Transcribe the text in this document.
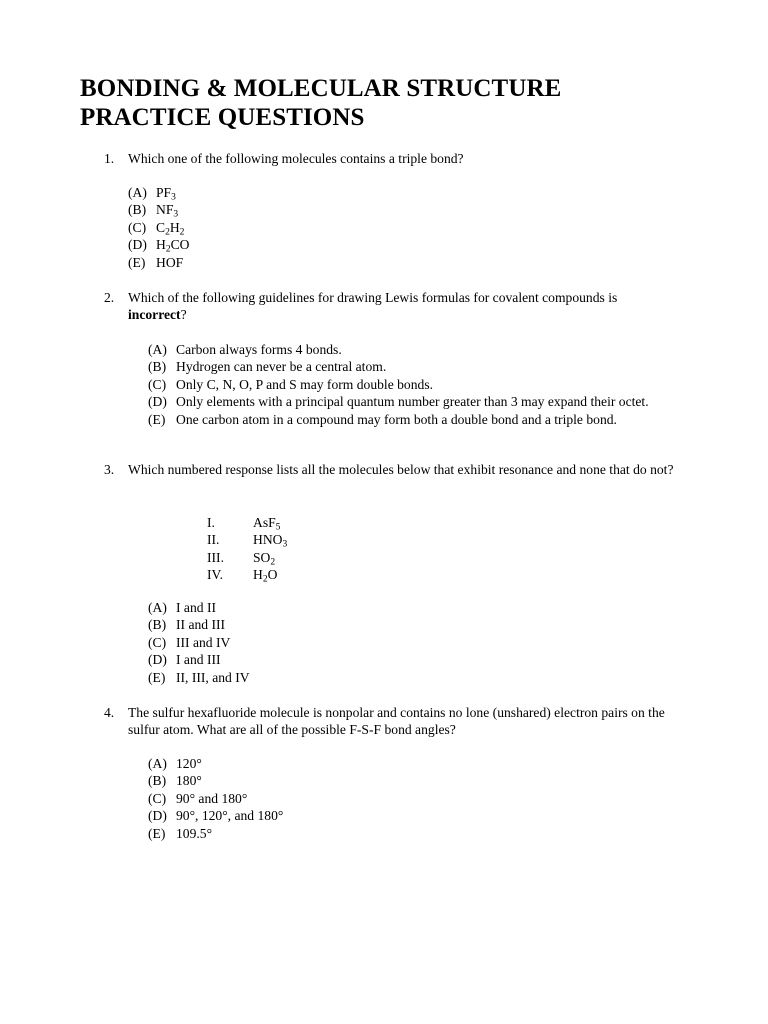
BONDING & MOLECULAR STRUCTURE
PRACTICE QUESTIONS
1.	Which one of the following molecules contains a triple bond?
(A) $PF_3$
(B) $NF_3$
(C) $C_2H_2$
(D) $H_2CO$
(E) HOF
2.	Which of the following guidelines for drawing Lewis formulas for covalent compounds is
incorrect?
(A) Carbon always forms 4 bonds.
(B) Hydrogen can never be a central atom.
(C) Only C, N, O, P and S may form double bonds.
(D) Only elements with a principal quantum number greater than 3 may expand their octet.
(E) One carbon atom in a compound may form both a double bond and a triple bond.
3.	Which numbered response lists all the molecules below that exhibit resonance and none that do not?
I.	AsF$_5$
II.	$HNO_3$
III.	$SO_2$
IV.	$H_2O$
(A) I and II
(B) II and III
(C) III and IV
(D) I and III
(E) II, III, and IV
4.	The sulfur hexafluoride molecule is nonpolar and contains no lone (unshared) electron pairs on the sulfur atom. What are all of the possible F-S-F bond angles?
(A) 120°
(B) 180°
(C) 90° and 180°
(D) 90°, 120°, and 180°
(E) 109.5°
